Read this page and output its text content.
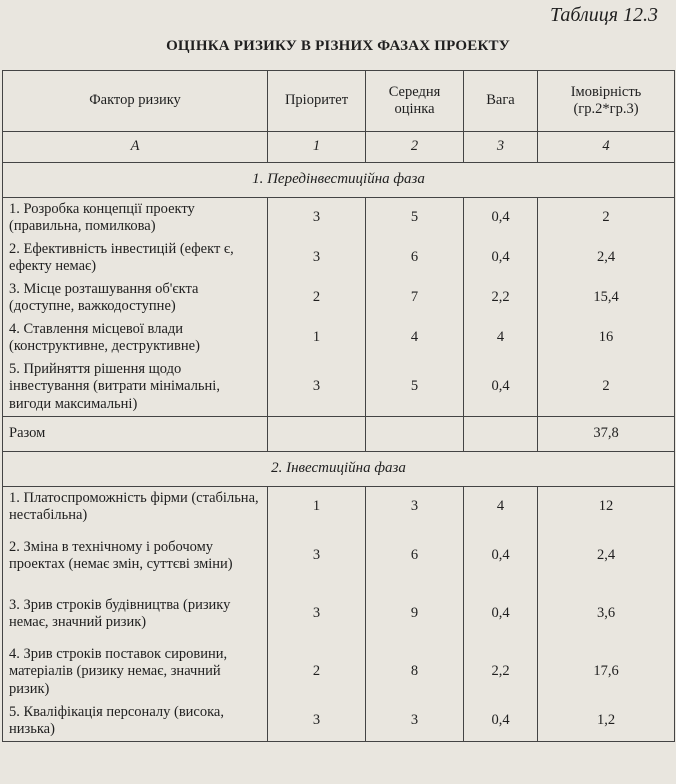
Таблиця 12.3
ОЦІНКА РИЗИКУ В РІЗНИХ ФАЗАХ ПРОЕКТУ
Фактор ризику	Пріоритет	Середня оцінка	Вага	Імовірність (гр.2*гр.3)
А	1	2	3	4
1. Передінвестиційна фаза				
1. Розробка концепції проекту (правильна, помилкова)	3	5	0,4	2
2. Ефективність інвестицій (ефект є, ефекту немає)	3	6	0,4	2,4
3. Місце розташування об'єкта (доступне, важкодоступне)	2	7	2,2	15,4
4. Ставлення місцевої влади (конструктивне, деструктивне)	1	4	4	16
5. Прийняття рішення щодо інвестування (витрати мінімальні, вигоди максимальні)	3	5	0,4	2
Разом				37,8
2. Інвестиційна фаза				
1. Платоспроможність фірми (стабільна, нестабільна)	1	3	4	12
2. Зміна в технічному і робочому проектах (немає змін, суттєві зміни)	3	6	0,4	2,4
3. Зрив строків будівництва (ризику немає, значний ризик)	3	9	0,4	3,6
4. Зрив строків поставок сировини, матеріалів (ризику немає, значний ризик)	2	8	2,2	17,6
5. Кваліфікація персоналу (висока, низька)	3	3	0,4	1,2
